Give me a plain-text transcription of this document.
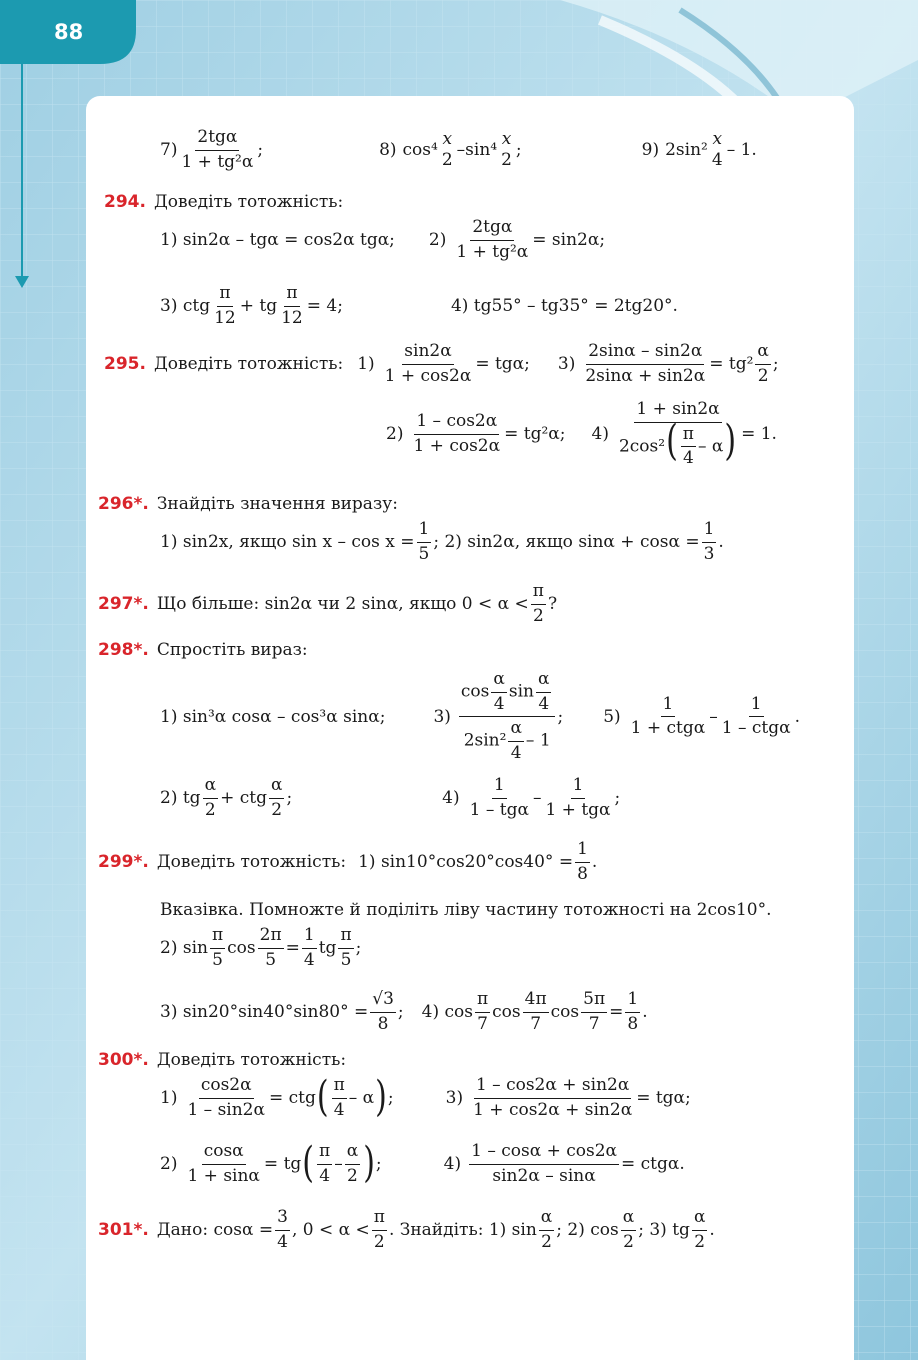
88
$7) \frac{\text{2tgα}}{\text{1 + tg²α}}$ ;	8) cos⁴
x
2
– sin⁴
x
2
;	9) 2sin²
x
4
– 1.
294. Доведіть тотожність:
1) sin2α – tgα = cos2α tgα; $2) \frac{\text{2tgα}}{\text{1 + tg²α}} = \sin 2\alpha$;
3) ctg $\frac{\pi}{12}$ + tg $\frac{\pi}{12} = 4$;	4) tg55° – tg35° = 2tg20°.
295. Доведіть тотожність: $1) \frac{\sin 2\alpha}{1 + \cos 2\alpha} = tg\alpha$; $3) \frac{2\sin\alpha - \sin 2\alpha}{2\sin\alpha + \sin 2\alpha} = tg^2 \frac{\alpha}{2}$ ;
$2) \frac{1 - \cos 2\alpha}{1 + \cos 2\alpha} = tg^2\alpha$; $4) \frac{1 + \sin 2\alpha}{2\cos^2( \frac{\pi}{4} - \alpha)} = 1$.
296*. Знайдіть значення виразу:
1) sin2x, якщо $\sin x - \cos x = \frac{1}{5}$ ; 2) sin2α, якщо $\sin\alpha + \cos\alpha = \frac{1}{3}$ .
297*. Що більше: sin2α чи 2 sinα, якщо $0 < \alpha < \frac{\pi}{2}$ ?
298*. Спростіть вираз:
1) sin³α cosα – cos³α sinα;	$3) \frac{\cos \frac{\alpha}{4} \sin \frac{\alpha}{4}}{2\sin^2 \frac{\alpha}{4} - 1}$ ; $5) \frac{1}{\text{1 + ctgα}} - \frac{1}{\text{1 – ctgα}}$ .
2) tg $\frac{\alpha}{2}$ + ctg $\frac{\alpha}{2}$ ;	$4) \frac{1}{\text{1 – tgα}} - \frac{1}{\text{1 + tgα}}$ ;
299*. Доведіть тотожність: 1) $\sin 10^\circ\cos 20^\circ\cos 40^\circ = \frac{1}{8}$ .
Вказівка. Помножте й поділіть ліву частину тотожності на 2cos10°.
2) $\sin \frac{\pi}{5}$ $\cos \frac{2\pi}{5} = \frac{1}{4}$ tg $\frac{\pi}{5}$ ;
3) $\sin 20^\circ\sin 40^\circ\sin 80^\circ = \frac{√3}{8}$ ; 4) $\cos \frac{\pi}{7}$ $\cos \frac{4\pi}{7}$ $\cos \frac{5\pi}{7} = \frac{1}{8}$ .
300*. Доведіть тотожність:
$1) \frac{\cos 2\alpha}{1 - \sin 2\alpha}$ = ctg ( $\frac{\pi}{4}$ – α ) ;	$3) \frac{1 - \cos 2\alpha + \sin 2\alpha}{1 + \cos 2\alpha + \sin 2\alpha} = tg\alpha$;
$2) \frac{\cos\alpha}{1 + \sin\alpha}$ = tg ( $\frac{\pi}{4} - \frac{\alpha}{2}$ ) ;	$4) \frac{1 - \cos\alpha + \cos 2\alpha}{\sin 2\alpha - \sin\alpha} = ctg\alpha$.
301*. Дано: $\cos\alpha = \frac{3}{4}$ , $0 < \alpha < \frac{\pi}{2}$ . Знайдіть: 1) $\sin \frac{\alpha}{2}$ ; 2) $\cos \frac{\alpha}{2}$ ; 3) tg $\frac{\alpha}{2}$ .
